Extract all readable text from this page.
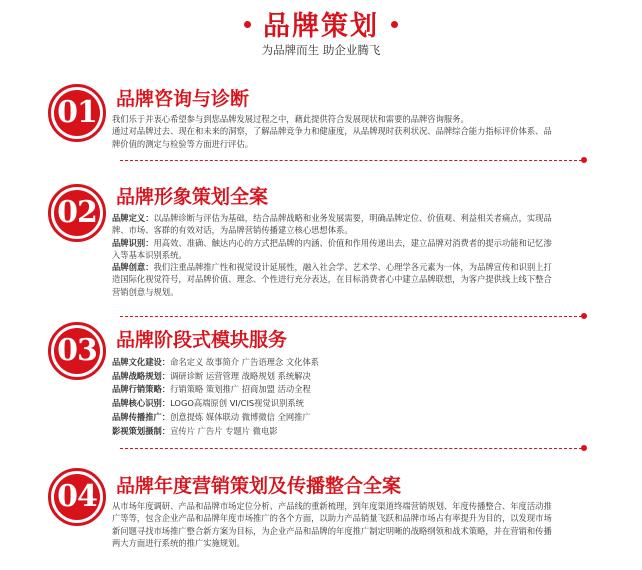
品牌策划
为品牌而生 助企业腾飞
01	品牌咨询与诊断

我们乐于并衷心希望参与到您品牌发展过程之中，藉此提供符合发展现状和需要的品牌咨询服务。

通过对品牌过去、现在和未来的洞察，了解品牌竞争力和健康度，从品牌现时获利状况、品牌综合能力指标评价体系、品牌价值的测定与检验等方面进行评估。

02	品牌形象策划全案

品牌定义：以品牌诊断与评估为基础，结合品牌战略和业务发展需要，明确品牌定位、价值观、利益相关者痛点，实现品牌、市场、客群的有效对话，为品牌营销传播建立核心思想体系。

品牌识别：用高效、准确、触达内心的方式把品牌的内涵、价值和作用传递出去，建立品牌对消费者的提示功能和记忆渗入等基本识别系统。

品牌创意：我们注重品牌推广性和视觉设计延展性，融入社会学、艺术学、心理学各元素为一体，为品牌宣传和识别上打造国际化视觉符号，对品牌价值、理念、个性进行充分表达，在目标消费者心中建立品牌联想，为客户提供线上线下整合营销创意与规划。

03	品牌阶段式模块服务

品牌文化建设：命名定义 故事简介 广告语理念 文化体系

品牌战略规划：调研诊断 运营管理 战略规划 系统解决

品牌行销策略：行销策略 策划推广 招商加盟 活动全程

品牌核心识别：LOGO高端原创 VI/CIS视觉识别系统

品牌传播推广：创意提炼 媒体联动 微博微信 全网推广

影视策划摄制：宣传片 广告片 专题片 微电影

04	品牌年度营销策划及传播整合全案

从市场年度调研、产品和品牌市场定位分析、产品线的重新梳理，到年度渠道终端营销规划、年度传播整合、年度活动推广等等，包含企业产品和品牌年度市场推广的各个方面，以助力产品销量飞跃和品牌市场占有率提升为目的，以发现市场新问题寻找市场推广整合新方案为目标，为企业产品和品牌的年度推广制定明晰的战略纲领和战术策略，并在营销和传播两大方面进行系统的推广实施规划。
